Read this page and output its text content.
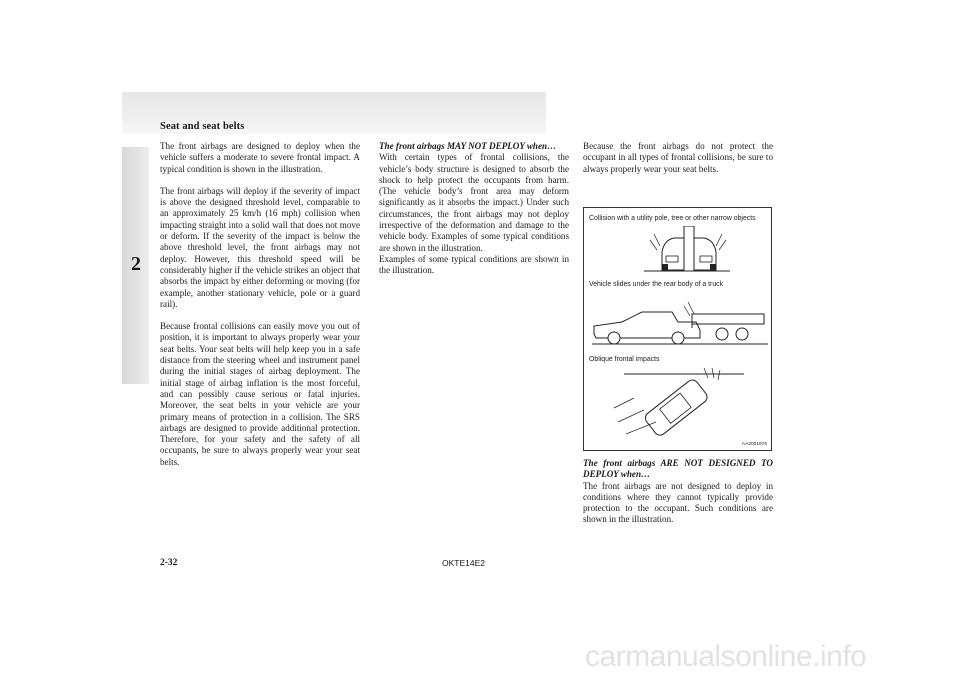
Seat and seat belts
2

The front airbags are designed to deploy when the vehicle suffers a moderate to severe frontal impact. A typical condition is shown in the illustration.

The front airbags will deploy if the severity of impact is above the designed threshold level, comparable to an approximately 25 km/h (16 mph) collision when impacting straight into a solid wall that does not move or deform. If the severity of the impact is below the above threshold level, the front airbags may not deploy. However, this threshold speed will be considerably higher if the vehicle strikes an object that absorbs the impact by either deforming or moving (for example, another stationary vehicle, pole or a guard rail).

Because frontal collisions can easily move you out of position, it is important to always properly wear your seat belts. Your seat belts will help keep you in a safe distance from the steering wheel and instrument panel during the initial stages of airbag deployment. The initial stage of airbag inflation is the most forceful, and can possibly cause serious or fatal injuries. Moreover, the seat belts in your vehicle are your primary means of protection in a collision. The SRS airbags are designed to provide additional protection. Therefore, for your safety and the safety of all occupants, be sure to always properly wear your seat belts.

The front airbags MAY NOT DEPLOY when…

With certain types of frontal collisions, the vehicle’s body structure is designed to absorb the shock to help protect the occupants from harm. (The vehicle body’s front area may deform significantly as it absorbs the impact.) Under such circumstances, the front airbags may not deploy irrespective of the deformation and damage to the vehicle body. Examples of some typical conditions are shown in the illustration.

Examples of some typical conditions are shown in the illustration.

Because the front airbags do not protect the occupant in all types of frontal collisions, be sure to always properly wear your seat belts.

Collision with a utility pole, tree or other narrow objects
Vehicle slides under the rear body of a truck
Oblique frontal impacts
AA2001976
The front airbags ARE NOT DESIGNED TO DEPLOY when…
The front airbags are not designed to deploy in conditions where they cannot typically provide protection to the occupant. Such conditions are shown in the illustration.
2-32	OKTE14E2
carmanualsonline.info
